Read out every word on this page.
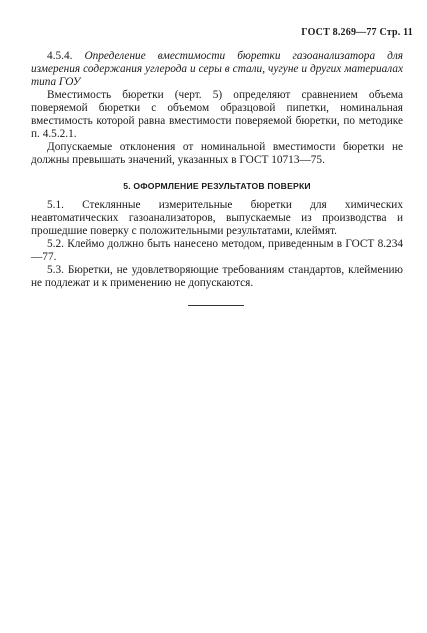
ГОСТ 8.269—77 Стр. 11

4.5.4. Определение вместимости бюретки газоанализатора для измерения содержания углерода и серы в стали, чугуне и других материалах типа ГОУ

Вместимость бюретки (черт. 5) определяют сравнением объема поверяемой бюретки с объемом образцовой пипетки, номинальная вместимость которой равна вместимости поверяемой бюретки, по методике п. 4.5.2.1.

Допускаемые отклонения от номинальной вместимости бюретки не должны превышать значений, указанных в ГОСТ 10713—75.

5. ОФОРМЛЕНИЕ РЕЗУЛЬТАТОВ ПОВЕРКИ

5.1. Стеклянные измерительные бюретки для химических неавтоматических газоанализаторов, выпускаемые из производства и прошедшие поверку с положительными результатами, клеймят.

5.2. Клеймо должно быть нанесено методом, приведенным в ГОСТ 8.234—77.

5.3. Бюретки, не удовлетворяющие требованиям стандартов, клеймению не подлежат и к применению не допускаются.
